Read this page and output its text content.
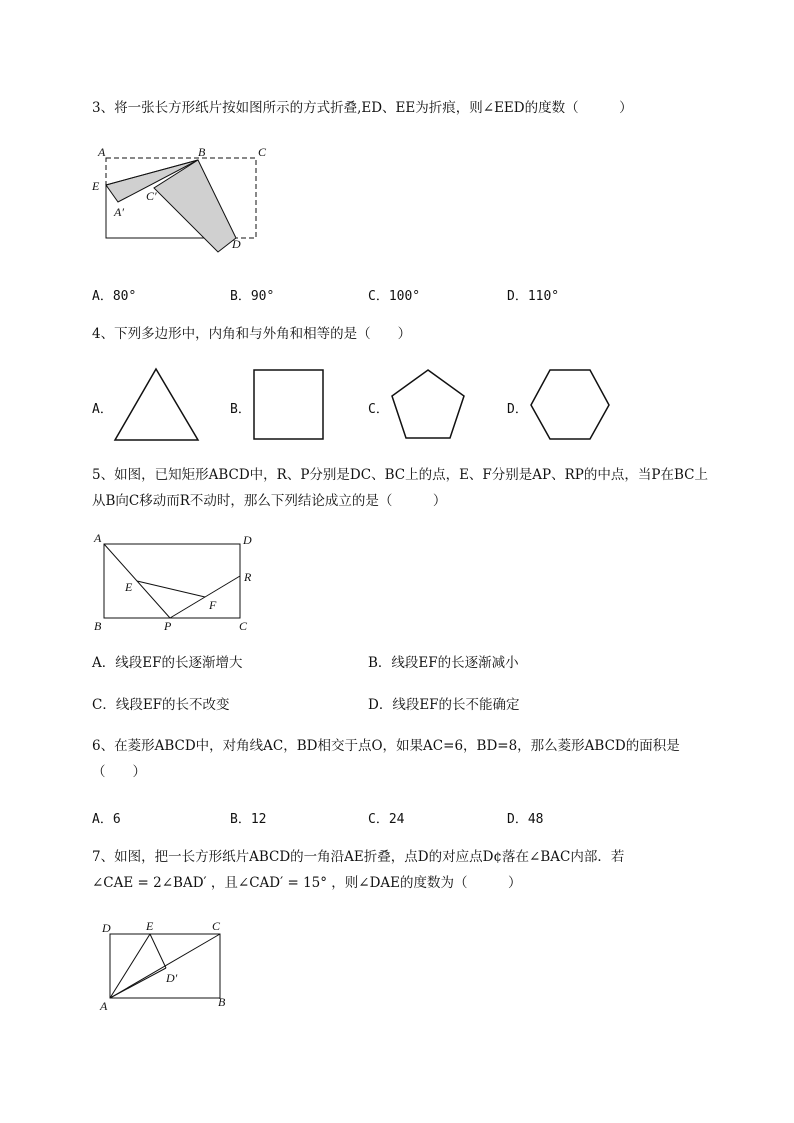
3、将一张长方形纸片按如图所示的方式折叠,ED、EE为折痕，则∠EED的度数（　　　）
A	B	C
E
A′
C′
D
A．80°	B．90°	C．100°	D．110°
4、下列多边形中，内角和与外角和相等的是（　　）
A．	B．	C．	D．
5、如图，已知矩形ABCD中，R、P分别是DC、BC上的点，E、F分别是AP、RP的中点，当P在BC上
从B向C移动而R不动时，那么下列结论成立的是（　　　）
A	D
R
E
F
B	P	C
A．线段EF的长逐渐增大	B．线段EF的长逐渐减小
C．线段EF的长不改变	D．线段EF的长不能确定
6、在菱形ABCD中，对角线AC，BD相交于点O，如果AC=6，BD=8，那么菱形ABCD的面积是
（　　）
A．6	B．12	C．24	D．48
7、如图，把一长方形纸片ABCD的一角沿AE折叠，点D的对应点D¢落在∠BAC内部．若
∠CAE = 2∠BAD′ ，且∠CAD′ = 15° ，则∠DAE的度数为（　　　）
D	E	C
D′
A	B
